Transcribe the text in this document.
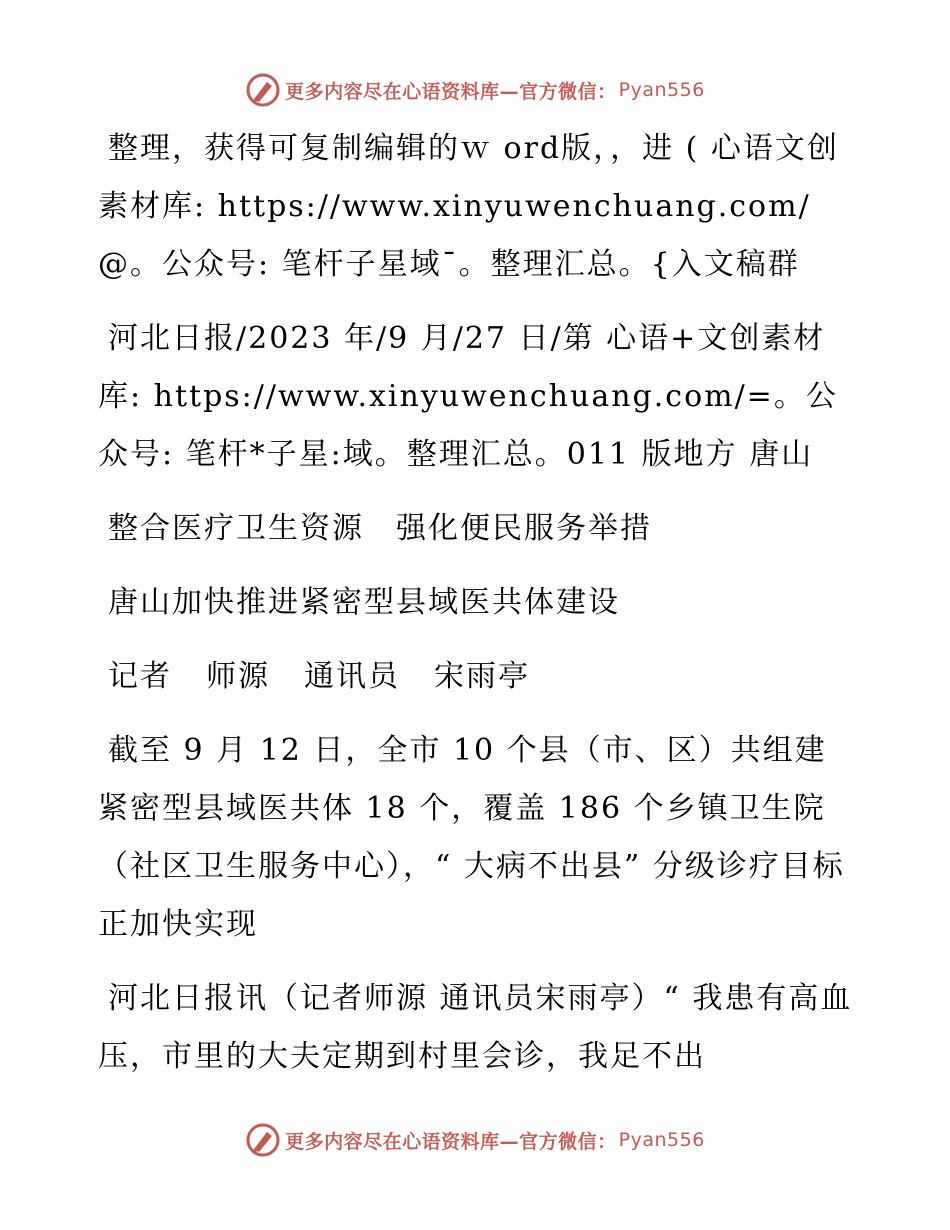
更多内容尽在心语资料库—官方微信： Pyan556

整理，获得可复制编辑的ｗ ord版，，进 ( 心语文创素材库: https://www.xinyuwenchuang.com/@。公众号: 笔杆子星域¯。整理汇总。{入文稿群

河北日报/2023 年/9 月/27 日/第 心语+文创素材库: https://www.xinyuwenchuang.com/=。公众号: 笔杆*子星:域。整理汇总。011 版地方 唐山

整合医疗卫生资源　强化便民服务举措

唐山加快推进紧密型县域医共体建设

记者 师源 通讯员 宋雨亭

截至 9 月 12 日，全市 10 个县（市、区）共组建紧密型县域医共体 18 个，覆盖 186 个乡镇卫生院（社区卫生服务中心），“ 大病不出县” 分级诊疗目标正加快实现

河北日报讯（记者师源 通讯员宋雨亭）“ 我患有高血压，市里的大夫定期到村里会诊，我足不出

更多内容尽在心语资料库—官方微信： Pyan556
